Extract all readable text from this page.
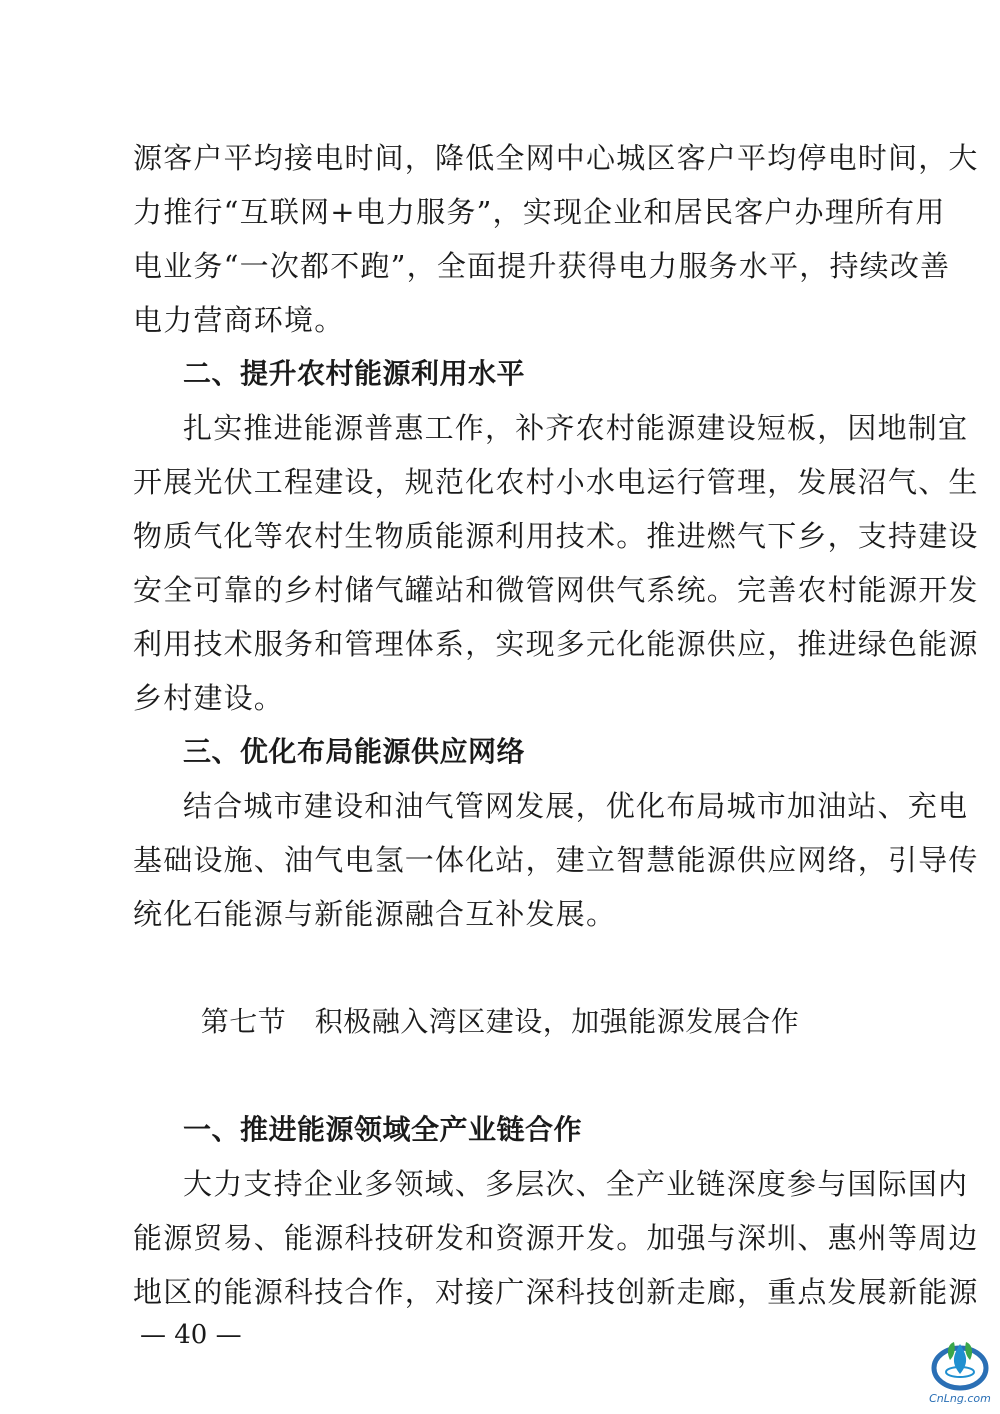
源客户平均接电时间，降低全网中心城区客户平均停电时间，大
力推行“互联网+电力服务”，实现企业和居民客户办理所有用
电业务“一次都不跑”，全面提升获得电力服务水平，持续改善
电力营商环境。
二、提升农村能源利用水平
扎实推进能源普惠工作，补齐农村能源建设短板，因地制宜
开展光伏工程建设，规范化农村小水电运行管理，发展沼气、生
物质气化等农村生物质能源利用技术。推进燃气下乡，支持建设
安全可靠的乡村储气罐站和微管网供气系统。完善农村能源开发
利用技术服务和管理体系，实现多元化能源供应，推进绿色能源
乡村建设。
三、优化布局能源供应网络
结合城市建设和油气管网发展，优化布局城市加油站、充电
基础设施、油气电氢一体化站，建立智慧能源供应网络，引导传
统化石能源与新能源融合互补发展。
第七节　积极融入湾区建设，加强能源发展合作
一、推进能源领域全产业链合作
大力支持企业多领域、多层次、全产业链深度参与国际国内
能源贸易、能源科技研发和资源开发。加强与深圳、惠州等周边
地区的能源科技合作，对接广深科技创新走廊，重点发展新能源
— 40 —
CnLng.com
